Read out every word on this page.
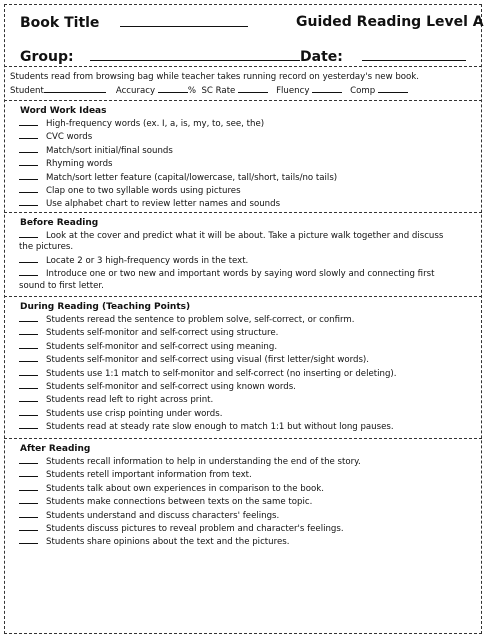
Book Title	Guided Reading Level A
Group:	Date:
Students read from browsing bag while teacher takes running record on yesterday's new book.
Student	Accuracy	% SC Rate	Fluency	Comp
Word Work Ideas
High-frequency words (ex. I, a, is, my, to, see, the)
CVC words
Match/sort initial/final sounds
Rhyming words
Match/sort letter feature (capital/lowercase, tall/short, tails/no tails)
Clap one to two syllable words using pictures
Use alphabet chart to review letter names and sounds
Before Reading
Look at the cover and predict what it will be about. Take a picture walk together and discuss the pictures.
Locate 2 or 3 high-frequency words in the text.
Introduce one or two new and important words by saying word slowly and connecting first sound to first letter.
During Reading (Teaching Points)
Students reread the sentence to problem solve, self-correct, or confirm.
Students self-monitor and self-correct using structure.
Students self-monitor and self-correct using meaning.
Students self-monitor and self-correct using visual (first letter/sight words).
Students use 1:1 match to self-monitor and self-correct (no inserting or deleting).
Students self-monitor and self-correct using known words.
Students read left to right across print.
Students use crisp pointing under words.
Students read at steady rate slow enough to match 1:1 but without long pauses.
After Reading
Students recall information to help in understanding the end of the story.
Students retell important information from text.
Students talk about own experiences in comparison to the book.
Students make connections between texts on the same topic.
Students understand and discuss characters' feelings.
Students discuss pictures to reveal problem and character's feelings.
Students share opinions about the text and the pictures.
